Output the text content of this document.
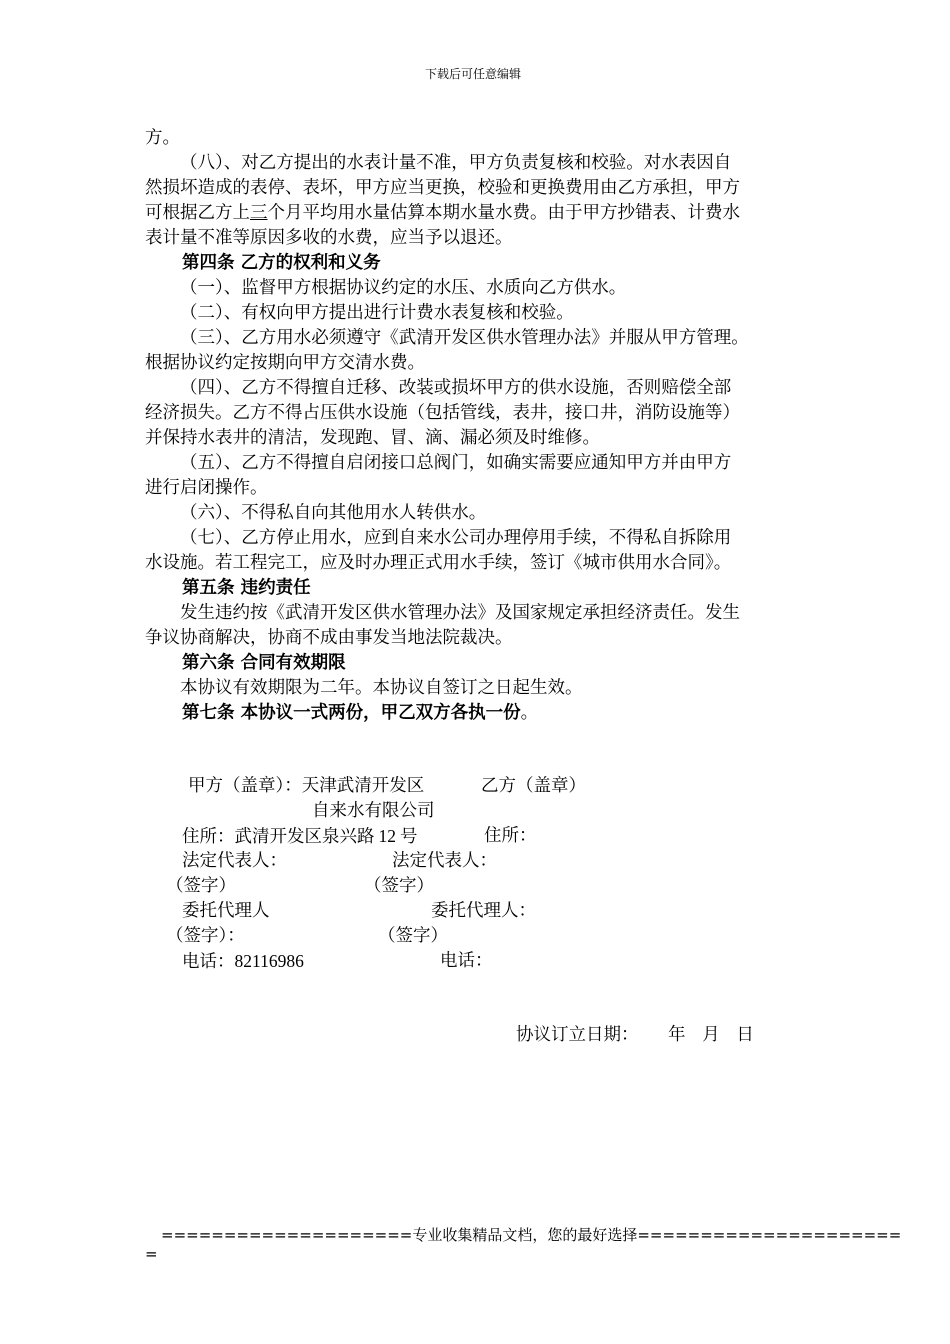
下载后可任意编辑
方。
（八）、对乙方提出的水表计量不准，甲方负责复核和校验。对水表因自
然损坏造成的表停、表坏，甲方应当更换，校验和更换费用由乙方承担，甲方
可根据乙方上三个月平均用水量估算本期水量水费。由于甲方抄错表、计费水
表计量不准等原因多收的水费，应当予以退还。
第四条 乙方的权利和义务
（一）、监督甲方根据协议约定的水压、水质向乙方供水。
（二）、有权向甲方提出进行计费水表复核和校验。
（三）、乙方用水必须遵守《武清开发区供水管理办法》并服从甲方管理。
根据协议约定按期向甲方交清水费。
（四）、乙方不得擅自迁移、改装或损坏甲方的供水设施，否则赔偿全部
经济损失。乙方不得占压供水设施（包括管线，表井，接口井，消防设施等）
并保持水表井的清洁，发现跑、冒、滴、漏必须及时维修。
（五）、乙方不得擅自启闭接口总阀门，如确实需要应通知甲方并由甲方
进行启闭操作。
（六）、不得私自向其他用水人转供水。
（七）、乙方停止用水，应到自来水公司办理停用手续，不得私自拆除用
水设施。若工程完工，应及时办理正式用水手续，签订《城市供用水合同》。
第五条 违约责任
发生违约按《武清开发区供水管理办法》及国家规定承担经济责任。发生
争议协商解决，协商不成由事发当地法院裁决。
第六条 合同有效期限
本协议有效期限为二年。本协议自签订之日起生效。
第七条 本协议一式两份，甲乙双方各执一份。
甲方（盖章）：天津武清开发区	乙方（盖章）
自来水有限公司
住所：武清开发区泉兴路 12 号	住所：
法定代表人：	法定代表人：
（签字）	（签字）
委托代理人	委托代理人：
（签字）：	（签字）
电话：82116986	电话：
协议订立日期： 年   月   日
====================专业收集精品文档，您的最好选择=====================
=
